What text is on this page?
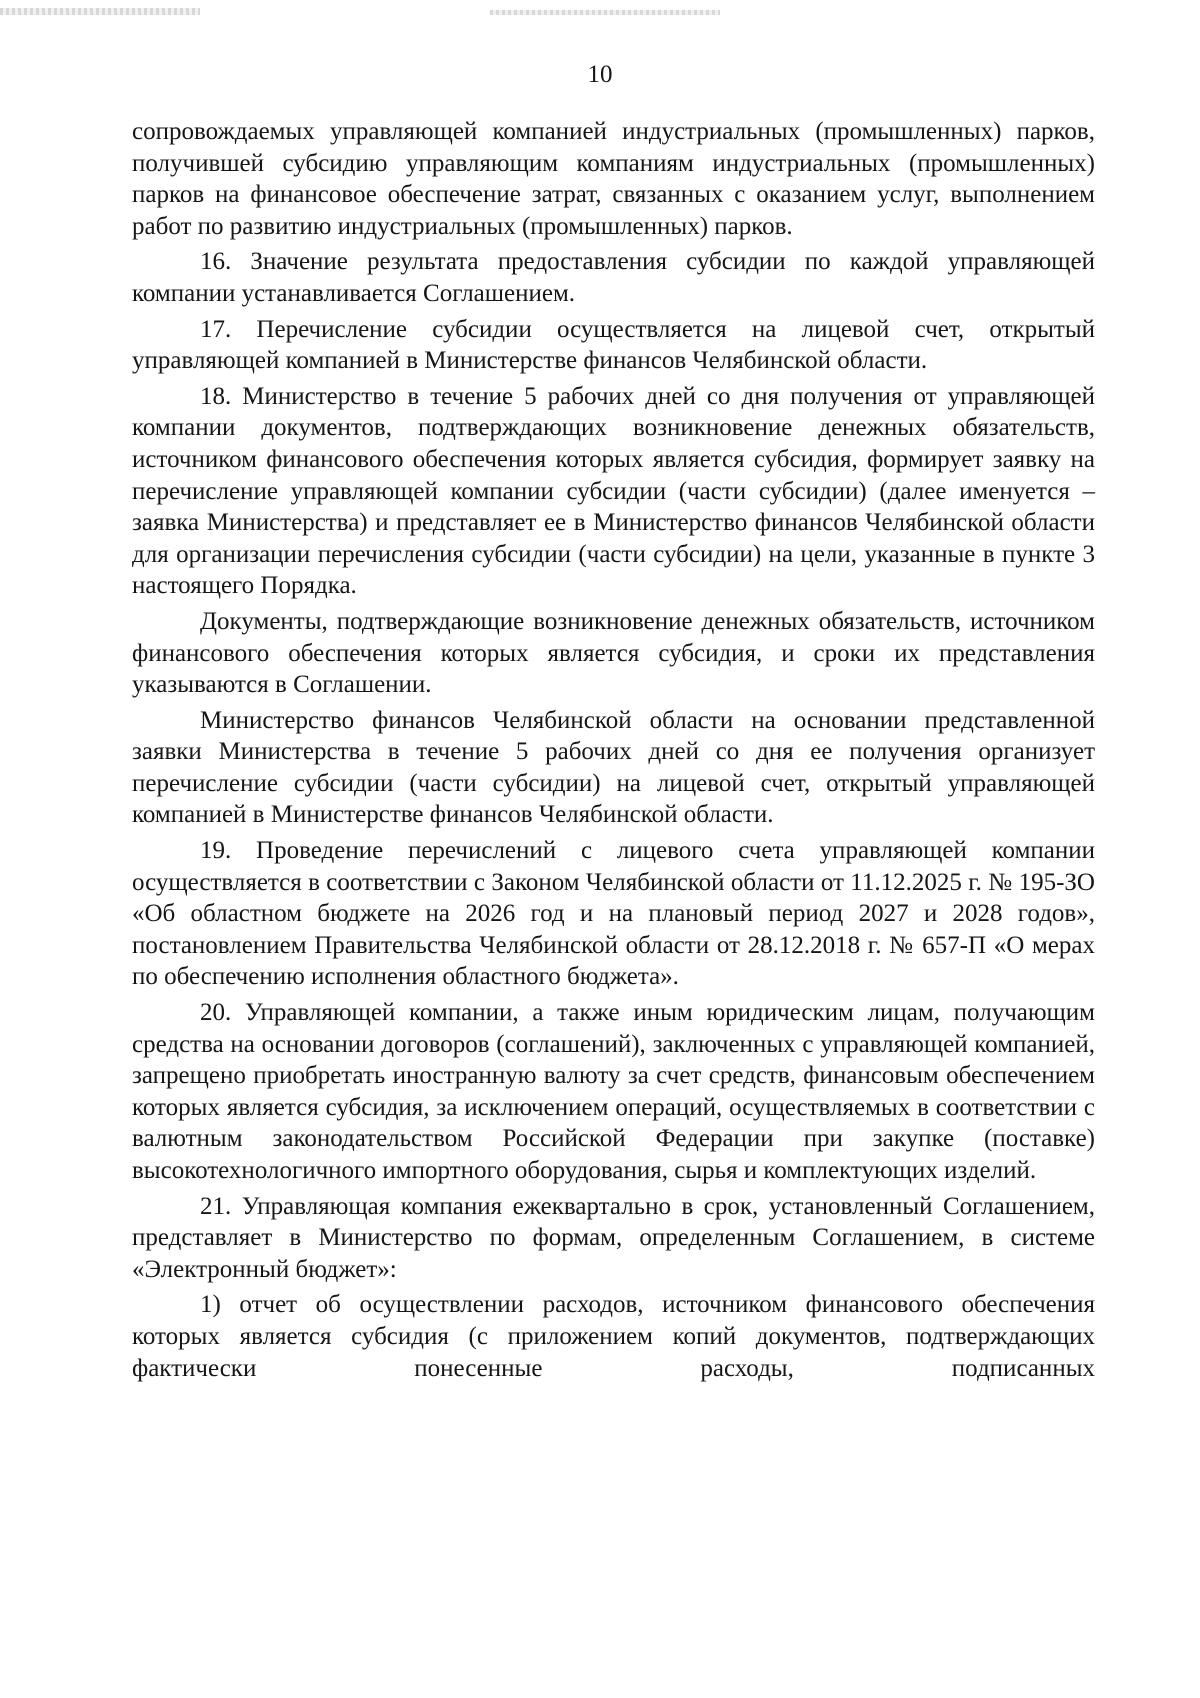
10

сопровождаемых управляющей компанией индустриальных (промышленных) парков, получившей субсидию управляющим компаниям индустриальных (промышленных) парков на финансовое обеспечение затрат, связанных с оказанием услуг, выполнением работ по развитию индустриальных (промышленных) парков.

16. Значение результата предоставления субсидии по каждой управляющей компании устанавливается Соглашением.

17. Перечисление субсидии осуществляется на лицевой счет, открытый управляющей компанией в Министерстве финансов Челябинской области.

18. Министерство в течение 5 рабочих дней со дня получения от управляющей компании документов, подтверждающих возникновение денежных обязательств, источником финансового обеспечения которых является субсидия, формирует заявку на перечисление управляющей компании субсидии (части субсидии) (далее именуется – заявка Министерства) и представляет ее в Министерство финансов Челябинской области для организации перечисления субсидии (части субсидии) на цели, указанные в пункте 3 настоящего Порядка.

Документы, подтверждающие возникновение денежных обязательств, источником финансового обеспечения которых является субсидия, и сроки их представления указываются в Соглашении.

Министерство финансов Челябинской области на основании представленной заявки Министерства в течение 5 рабочих дней со дня ее получения организует перечисление субсидии (части субсидии) на лицевой счет, открытый управляющей компанией в Министерстве финансов Челябинской области.

19. Проведение перечислений с лицевого счета управляющей компании осуществляется в соответствии с Законом Челябинской области от 11.12.2025 г. № 195-ЗО «Об областном бюджете на 2026 год и на плановый период 2027 и 2028 годов», постановлением Правительства Челябинской области от 28.12.2018 г. № 657-П «О мерах по обеспечению исполнения областного бюджета».

20. Управляющей компании, а также иным юридическим лицам, получающим средства на основании договоров (соглашений), заключенных с управляющей компанией, запрещено приобретать иностранную валюту за счет средств, финансовым обеспечением которых является субсидия, за исключением операций, осуществляемых в соответствии с валютным законодательством Российской Федерации при закупке (поставке) высокотехнологичного импортного оборудования, сырья и комплектующих изделий.

21. Управляющая компания ежеквартально в срок, установленный Соглашением, представляет в Министерство по формам, определенным Соглашением, в системе «Электронный бюджет»:

1) отчет об осуществлении расходов, источником финансового обеспечения которых является субсидия (с приложением копий документов, подтверждающих фактически понесенные расходы, подписанных
